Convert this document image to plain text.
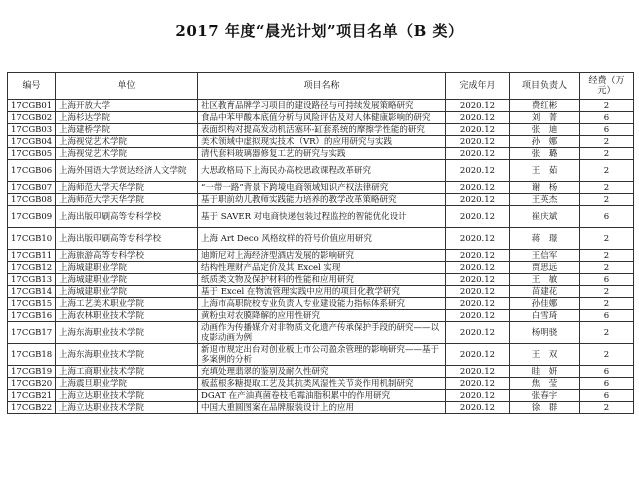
2017 年度“晨光计划”项目名单（B 类）
编号	单位	项目名称	完成年月	项目负责人	经费（万元）
17CGB01	上海开放大学	社区教育品牌学习项目的建设路径与可持续发展策略研究	2020.12	费红彬	2
17CGB02	上海杉达学院	食品中苯甲酸本底值分析与风险评估及对人体健康影响的研究	2020.12	刘　菁	6
17CGB03	上海建桥学院	表面织构对提高发动机活塞环-缸套系统的摩擦学性能的研究	2020.12	张　迪	6
17CGB04	上海视觉艺术学院	美术领域中虚拟现实技术（VR）的应用研究与实践	2020.12	孙　娜	2
17CGB05	上海视觉艺术学院	清代套料玻璃器修复工艺的研究与实践	2020.12	张　璐	2
17CGB06	上海外国语大学贤达经济人文学院	大思政格局下上海民办高校思政课程改革研究	2020.12	王　茹	2
17CGB07	上海师范大学天华学院	“一带一路”背景下跨境电商领域知识产权法律研究	2020.12	谢　杨	2
17CGB08	上海师范大学天华学院	基于职前幼儿教师实践能力培养的教学改革策略研究	2020.12	王英杰	2
17CGB09	上海出版印刷高等专科学校	基于 SAVER 对电商快递包装过程监控的智能优化设计	2020.12	崔庆斌	6
17CGB10	上海出版印刷高等专科学校	上海 Art Deco 风格纹样的符号价值应用研究	2020.12	蒋　璟	2
17CGB11	上海旅游高等专科学校	迪斯尼对上海经济型酒店发展的影响研究	2020.12	王信军	2
17CGB12	上海城建职业学院	结构性理财产品定价及其 Excel 实现	2020.12	贾思远	2
17CGB13	上海城建职业学院	纸质类文物及保护材料的性能和应用研究	2020.12	王　敏	6
17CGB14	上海城建职业学院	基于 Excel 在物流管理实践中应用的项目化教学研究	2020.12	苗建花	2
17CGB15	上海工艺美术职业学院	上海市高职院校专业负责人专业建设能力指标体系研究	2020.12	孙佳娜	2
17CGB16	上海农林职业技术学院	黄粉虫对农膜降解的应用性研究	2020.12	白雪琦	6
17CGB17	上海东海职业技术学院	动画作为传播媒介对非物质文化遗产传承保护手段的研究——以皮影动画为例	2020.12	杨明骁	2
17CGB18	上海东海职业技术学院	新退市规定出台对创业板上市公司盈余管理的影响研究——基于多案例的分析	2020.12	王　双	2
17CGB19	上海工商职业技术学院	充填处理翡翠的鉴别及耐久性研究	2020.12	眭　妍	6
17CGB20	上海震旦职业学院	板蓝根多糖提取工艺及其抗类风湿性关节炎作用机制研究	2020.12	焦　莹	6
17CGB21	上海立达职业技术学院	DGAT 在产油真菌卷枝毛霉油脂积累中的作用研究	2020.12	张春宇	6
17CGB22	上海立达职业技术学院	中国大重圆图案在品牌服装设计上的应用	2020.12	徐　群	2
